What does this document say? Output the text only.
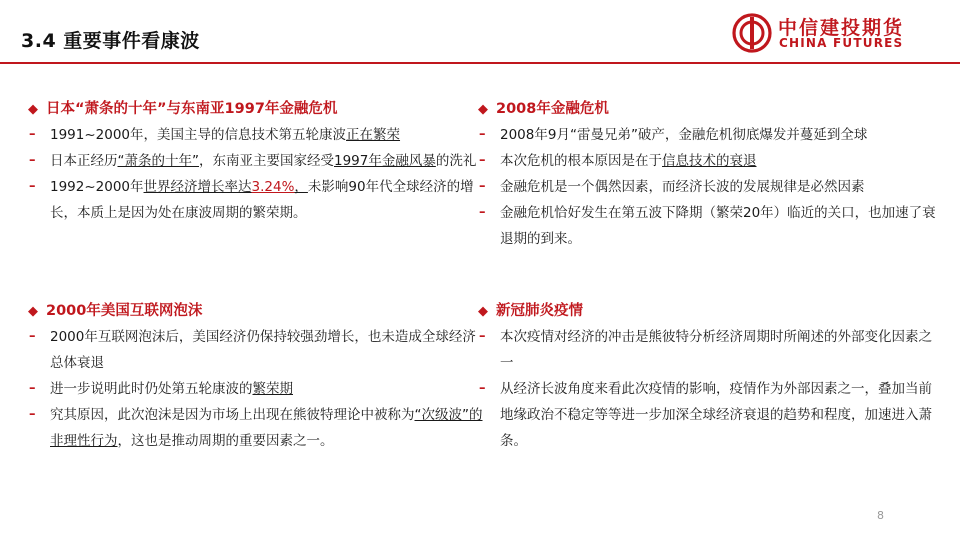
3.4 重要事件看康波
中信建投期货
CHINA FUTURES
◆ 日本“萧条的十年”与东南亚1997年金融危机
– 1991~2000年，美国主导的信息技术第五轮康波正在繁荣
– 日本正经历“萧条的十年”，东南亚主要国家经受1997年金融风暴的洗礼
– 1992~2000年世界经济增长率达3.24%，未影响90年代全球经济的增长，本质上是因为处在康波周期的繁荣期。
◆ 2008年金融危机
– 2008年9月“雷曼兄弟”破产，金融危机彻底爆发并蔓延到全球
– 本次危机的根本原因是在于信息技术的衰退
– 金融危机是一个偶然因素，而经济长波的发展规律是必然因素
– 金融危机恰好发生在第五波下降期（繁荣20年）临近的关口，也加速了衰退期的到来。
◆ 2000年美国互联网泡沫
– 2000年互联网泡沫后，美国经济仍保持较强劲增长，也未造成全球经济总体衰退
– 进一步说明此时仍处第五轮康波的繁荣期
– 究其原因，此次泡沫是因为市场上出现在熊彼特理论中被称为“次级波”的非理性行为，这也是推动周期的重要因素之一。
◆ 新冠肺炎疫情
– 本次疫情对经济的冲击是熊彼特分析经济周期时所阐述的外部变化因素之一
– 从经济长波角度来看此次疫情的影响，疫情作为外部因素之一，叠加当前地缘政治不稳定等等进一步加深全球经济衰退的趋势和程度，加速进入萧条。
8
